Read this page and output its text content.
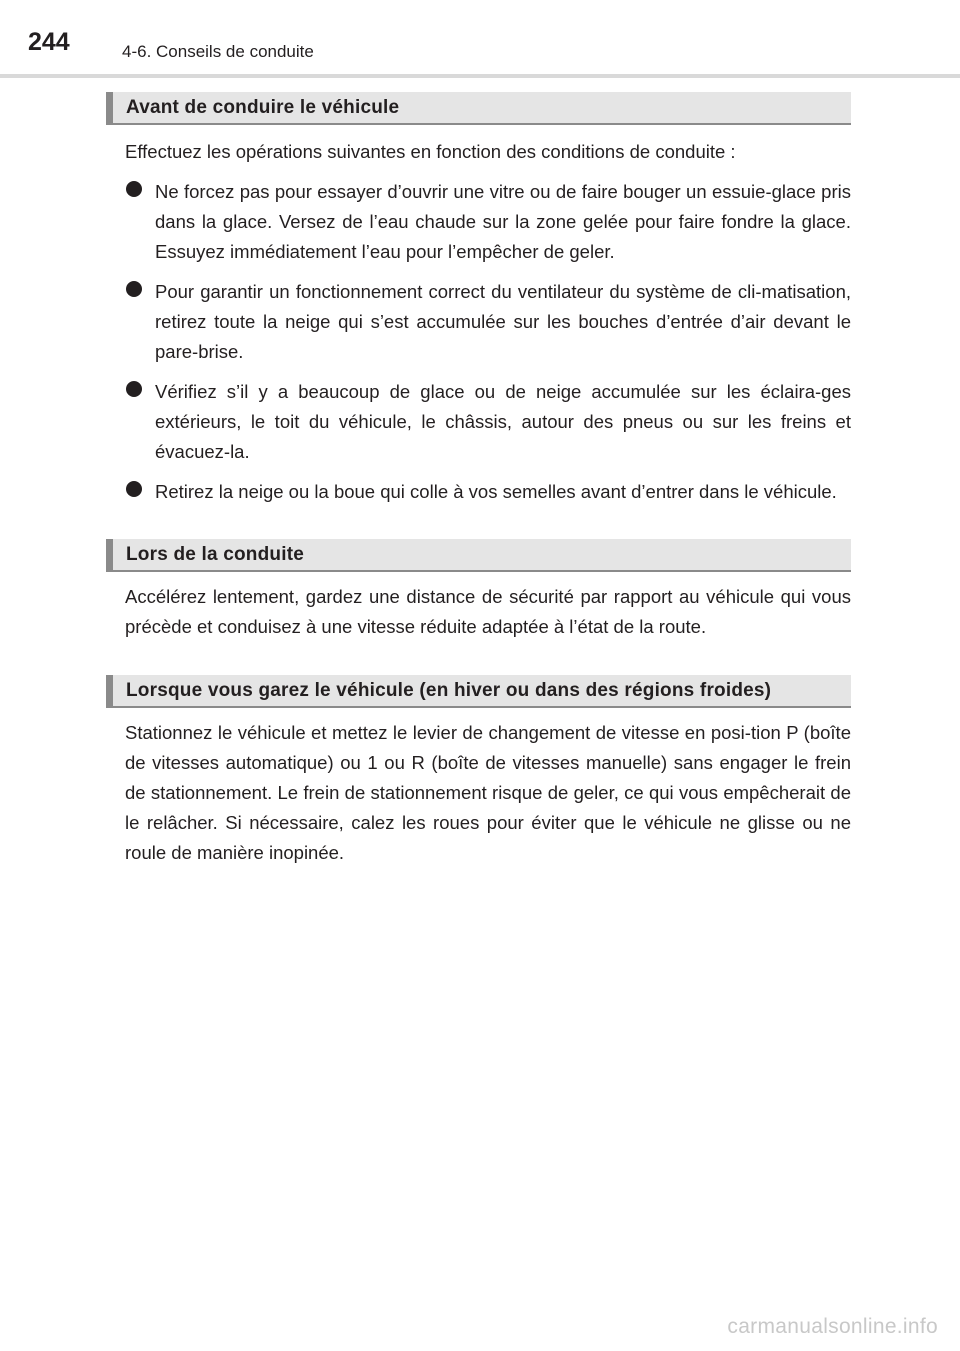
244	4-6. Conseils de conduite
Avant de conduire le véhicule

Effectuez les opérations suivantes en fonction des conditions de conduite :

Ne forcez pas pour essayer d’ouvrir une vitre ou de faire bouger un essuie-glace pris dans la glace. Versez de l’eau chaude sur la zone gelée pour faire fondre la glace. Essuyez immédiatement l’eau pour l’empêcher de geler.
Pour garantir un fonctionnement correct du ventilateur du système de cli-matisation, retirez toute la neige qui s’est accumulée sur les bouches d’entrée d’air devant le pare-brise.
Vérifiez s’il y a beaucoup de glace ou de neige accumulée sur les éclaira-ges extérieurs, le toit du véhicule, le châssis, autour des pneus ou sur les freins et évacuez-la.
Retirez la neige ou la boue qui colle à vos semelles avant d’entrer dans le véhicule.
Lors de la conduite

Accélérez lentement, gardez une distance de sécurité par rapport au véhicule qui vous précède et conduisez à une vitesse réduite adaptée à l’état de la route.

Lorsque vous garez le véhicule (en hiver ou dans des régions froides)

Stationnez le véhicule et mettez le levier de changement de vitesse en posi-tion P (boîte de vitesses automatique) ou 1 ou R (boîte de vitesses manuelle) sans engager le frein de stationnement. Le frein de stationnement risque de geler, ce qui vous empêcherait de le relâcher. Si nécessaire, calez les roues pour éviter que le véhicule ne glisse ou ne roule de manière inopinée.

carmanualsonline.info
